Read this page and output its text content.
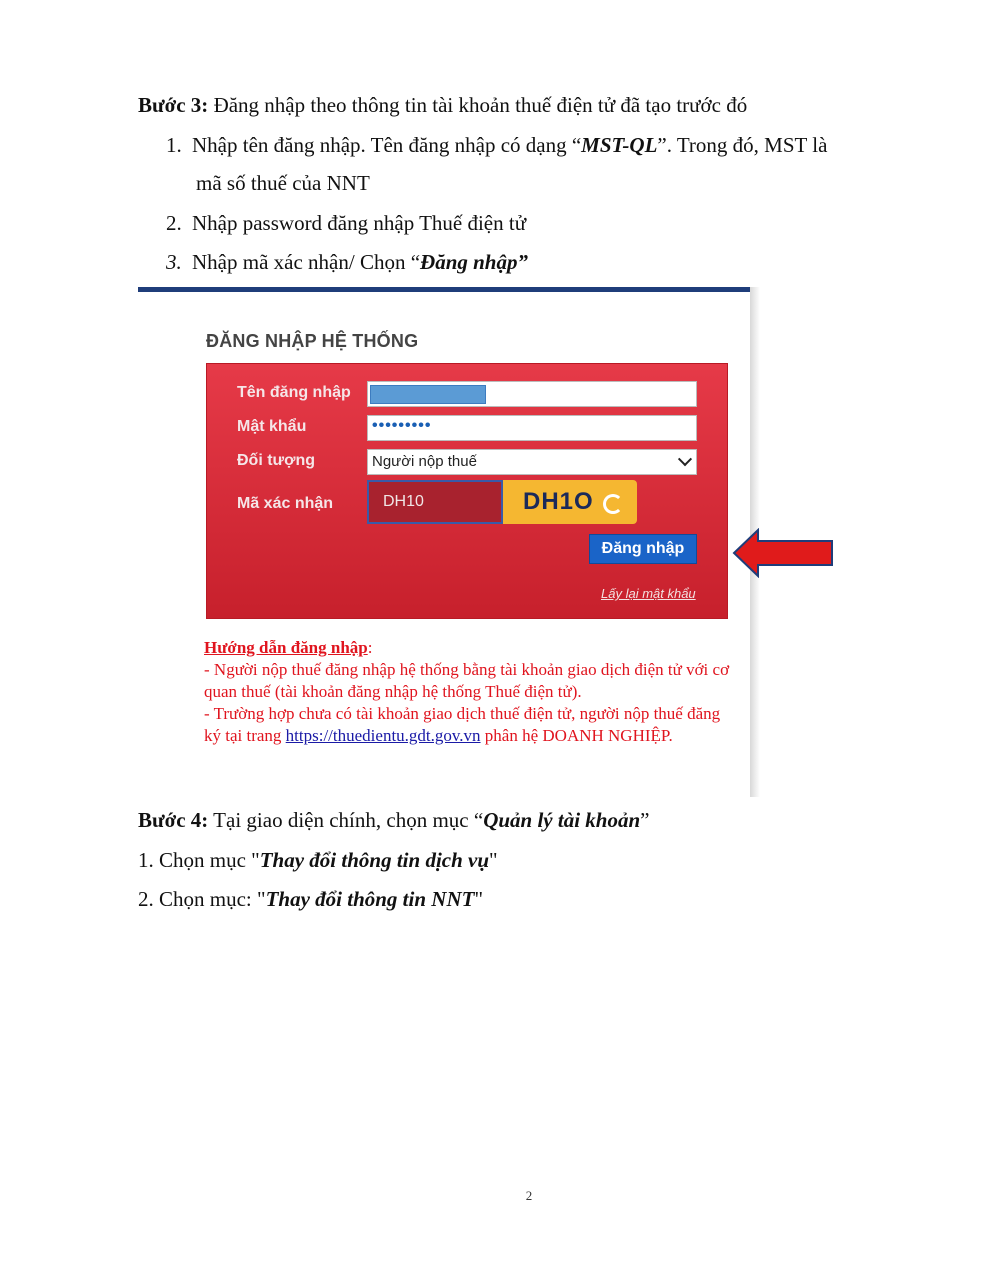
Bước 3: Đăng nhập theo thông tin tài khoản thuế điện tử đã tạo trước đó
1. Nhập tên đăng nhập. Tên đăng nhập có dạng “MST-QL”. Trong đó, MST là
mã số thuế của NNT
2. Nhập password đăng nhập Thuế điện tử
3. Nhập mã xác nhận/ Chọn “Đăng nhập”
ĐĂNG NHẬP HỆ THỐNG
Tên đăng nhập
Mật khẩu	•••••••••
Đối tượng	Người nộp thuế
Mã xác nhận	DH10	DH1O
Đăng nhập
Lấy lại mật khẩu
Hướng dẫn đăng nhập:
- Người nộp thuế đăng nhập hệ thống bằng tài khoản giao dịch điện tử với cơ quan thuế (tài khoản đăng nhập hệ thống Thuế điện tử).
- Trường hợp chưa có tài khoản giao dịch thuế điện tử, người nộp thuế đăng ký tại trang https://thuedientu.gdt.gov.vn phân hệ DOANH NGHIỆP.
Bước 4: Tại giao diện chính, chọn mục “Quản lý tài khoản”
1. Chọn mục "Thay đổi thông tin dịch vụ"
2. Chọn mục: "Thay đổi thông tin NNT"
2
